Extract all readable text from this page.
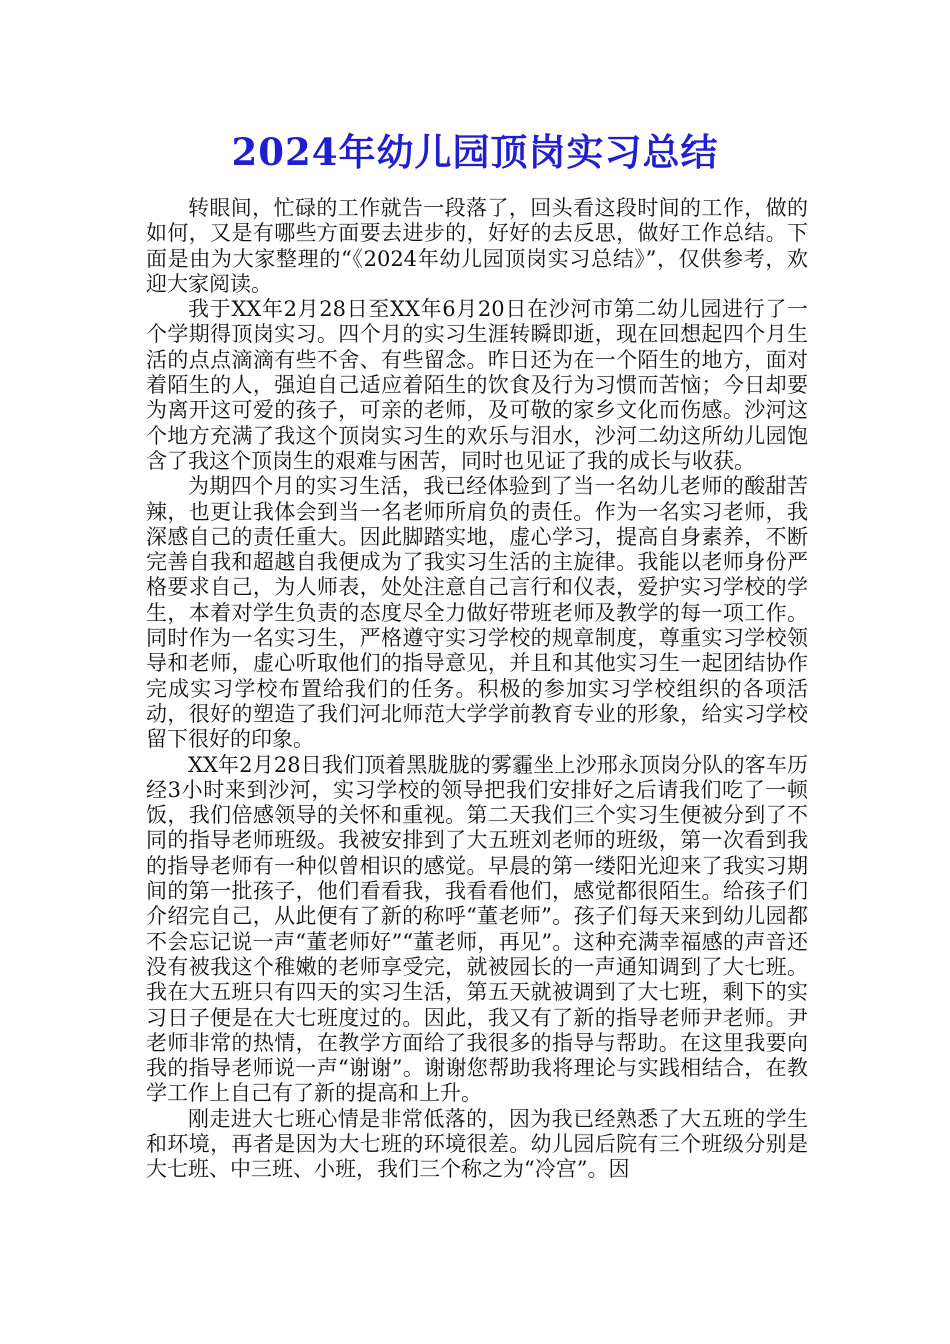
2024年幼儿园顶岗实习总结

转眼间，忙碌的工作就告一段落了，回头看这段时间的工作，做的如何，又是有哪些方面要去进步的，好好的去反思，做好工作总结。下面是由为大家整理的“《2024年幼儿园顶岗实习总结》”，仅供参考，欢迎大家阅读。

我于XX年2月28日至XX年6月20日在沙河市第二幼儿园进行了一个学期得顶岗实习。四个月的实习生涯转瞬即逝，现在回想起四个月生活的点点滴滴有些不舍、有些留念。昨日还为在一个陌生的地方，面对着陌生的人，强迫自己适应着陌生的饮食及行为习惯而苦恼；今日却要为离开这可爱的孩子，可亲的老师，及可敬的家乡文化而伤感。沙河这个地方充满了我这个顶岗实习生的欢乐与泪水，沙河二幼这所幼儿园饱含了我这个顶岗生的艰难与困苦，同时也见证了我的成长与收获。

为期四个月的实习生活，我已经体验到了当一名幼儿老师的酸甜苦辣，也更让我体会到当一名老师所肩负的责任。作为一名实习老师，我深感自己的责任重大。因此脚踏实地，虚心学习，提高自身素养，不断完善自我和超越自我便成为了我实习生活的主旋律。我能以老师身份严格要求自己，为人师表，处处注意自己言行和仪表，爱护实习学校的学生，本着对学生负责的态度尽全力做好带班老师及教学的每一项工作。同时作为一名实习生，严格遵守实习学校的规章制度，尊重实习学校领导和老师，虚心听取他们的指导意见，并且和其他实习生一起团结协作完成实习学校布置给我们的任务。积极的参加实习学校组织的各项活动，很好的塑造了我们河北师范大学学前教育专业的形象，给实习学校留下很好的印象。

XX年2月28日我们顶着黑胧胧的雾霾坐上沙邢永顶岗分队的客车历经3小时来到沙河，实习学校的领导把我们安排好之后请我们吃了一顿饭，我们倍感领导的关怀和重视。第二天我们三个实习生便被分到了不同的指导老师班级。我被安排到了大五班刘老师的班级，第一次看到我的指导老师有一种似曾相识的感觉。早晨的第一缕阳光迎来了我实习期间的第一批孩子，他们看看我，我看看他们，感觉都很陌生。给孩子们介绍完自己，从此便有了新的称呼“董老师”。孩子们每天来到幼儿园都不会忘记说一声“董老师好”“董老师，再见”。这种充满幸福感的声音还没有被我这个稚嫩的老师享受完，就被园长的一声通知调到了大七班。我在大五班只有四天的实习生活，第五天就被调到了大七班，剩下的实习日子便是在大七班度过的。因此，我又有了新的指导老师尹老师。尹老师非常的热情，在教学方面给了我很多的指导与帮助。在这里我要向我的指导老师说一声“谢谢”。谢谢您帮助我将理论与实践相结合，在教学工作上自己有了新的提高和上升。

刚走进大七班心情是非常低落的，因为我已经熟悉了大五班的学生和环境，再者是因为大七班的环境很差。幼儿园后院有三个班级分别是大七班、中三班、小班，我们三个称之为“冷宫”。因
